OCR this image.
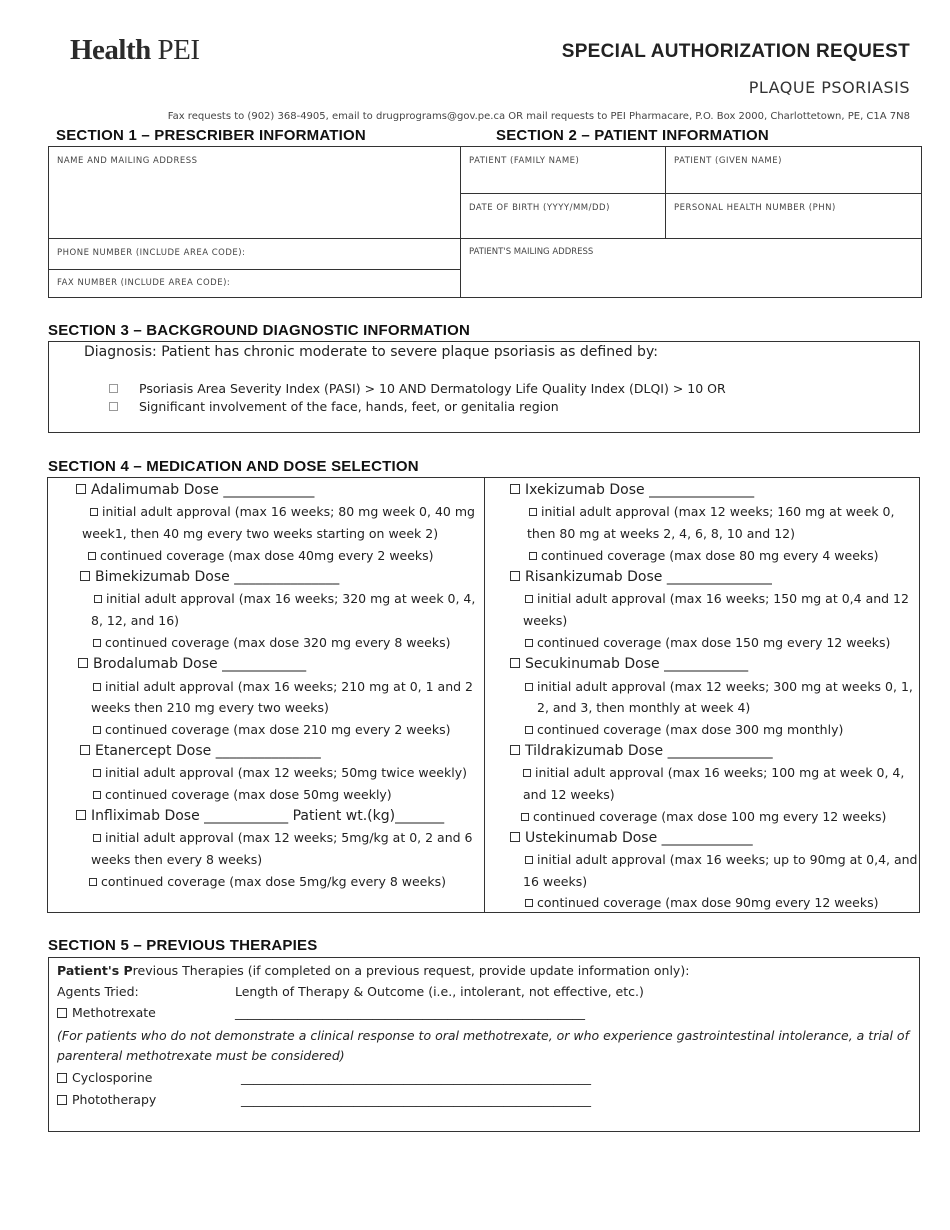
Health PEI	SPECIAL AUTHORIZATION REQUEST
PLAQUE PSORIASIS
Fax requests to (902) 368-4905, email to drugprograms@gov.pe.ca OR mail requests to PEI Pharmacare, P.O. Box 2000, Charlottetown, PE, C1A 7N8
SECTION 1 – PRESCRIBER INFORMATION	SECTION 2 – PATIENT INFORMATION
NAME AND MAILING ADDRESS
PHONE NUMBER (INCLUDE AREA CODE):
FAX NUMBER (INCLUDE AREA CODE):
PATIENT (FAMILY NAME)	PATIENT (GIVEN NAME)
DATE OF BIRTH (YYYY/MM/DD)	PERSONAL HEALTH NUMBER (PHN)
PATIENT'S MAILING ADDRESS
SECTION 3 – BACKGROUND DIAGNOSTIC INFORMATION
Diagnosis: Patient has chronic moderate to severe plaque psoriasis as defined by:
Psoriasis Area Severity Index (PASI) > 10 AND Dermatology Life Quality Index (DLQI) > 10 OR
Significant involvement of the face, hands, feet, or genitalia region
SECTION 4 – MEDICATION AND DOSE SELECTION
Adalimumab Dose _____________
initial adult approval (max 16 weeks; 80 mg week 0, 40 mg
week1, then 40 mg every two weeks starting on week 2)
continued coverage (max dose 40mg every 2 weeks)
Bimekizumab Dose _______________
initial adult approval (max 16 weeks; 320 mg at week 0, 4,
8, 12, and 16)
continued coverage (max dose 320 mg every 8 weeks)
Brodalumab Dose ____________
initial adult approval (max 16 weeks; 210 mg at 0, 1 and 2
weeks then 210 mg every two weeks)
continued coverage (max dose 210 mg every 2 weeks)
Etanercept Dose _______________
initial adult approval (max 12 weeks; 50mg twice weekly)
continued coverage (max dose 50mg weekly)
Infliximab Dose ____________ Patient wt.(kg)_______
initial adult approval (max 12 weeks; 5mg/kg at 0, 2 and 6
weeks then every 8 weeks)
continued coverage (max dose 5mg/kg every 8 weeks)
Ixekizumab Dose _______________
initial adult approval (max 12 weeks; 160 mg at week 0,
then 80 mg at weeks 2, 4, 6, 8, 10 and 12)
continued coverage (max dose 80 mg every 4 weeks)
Risankizumab Dose _______________
initial adult approval (max 16 weeks; 150 mg at 0,4 and 12
weeks)
continued coverage (max dose 150 mg every 12 weeks)
Secukinumab Dose ____________
initial adult approval (max 12 weeks; 300 mg at weeks 0, 1,
2, and 3, then monthly at week 4)
continued coverage (max dose 300 mg monthly)
Tildrakizumab Dose _______________
initial adult approval (max 16 weeks; 100 mg at week 0, 4,
and 12 weeks)
continued coverage (max dose 100 mg every 12 weeks)
Ustekinumab Dose _____________
initial adult approval (max 16 weeks; up to 90mg at 0,4, and
16 weeks)
continued coverage (max dose 90mg every 12 weeks)
SECTION 5 – PREVIOUS THERAPIES
Patient's Previous Therapies (if completed on a previous request, provide update information only):
Agents Tried:	Length of Therapy & Outcome (i.e., intolerant, not effective, etc.)
Methotrexate	________________________________________________________
(For patients who do not demonstrate a clinical response to oral methotrexate, or who experience gastrointestinal intolerance, a trial of
parenteral methotrexate must be considered)
Cyclosporine	________________________________________________________
Phototherapy	________________________________________________________
